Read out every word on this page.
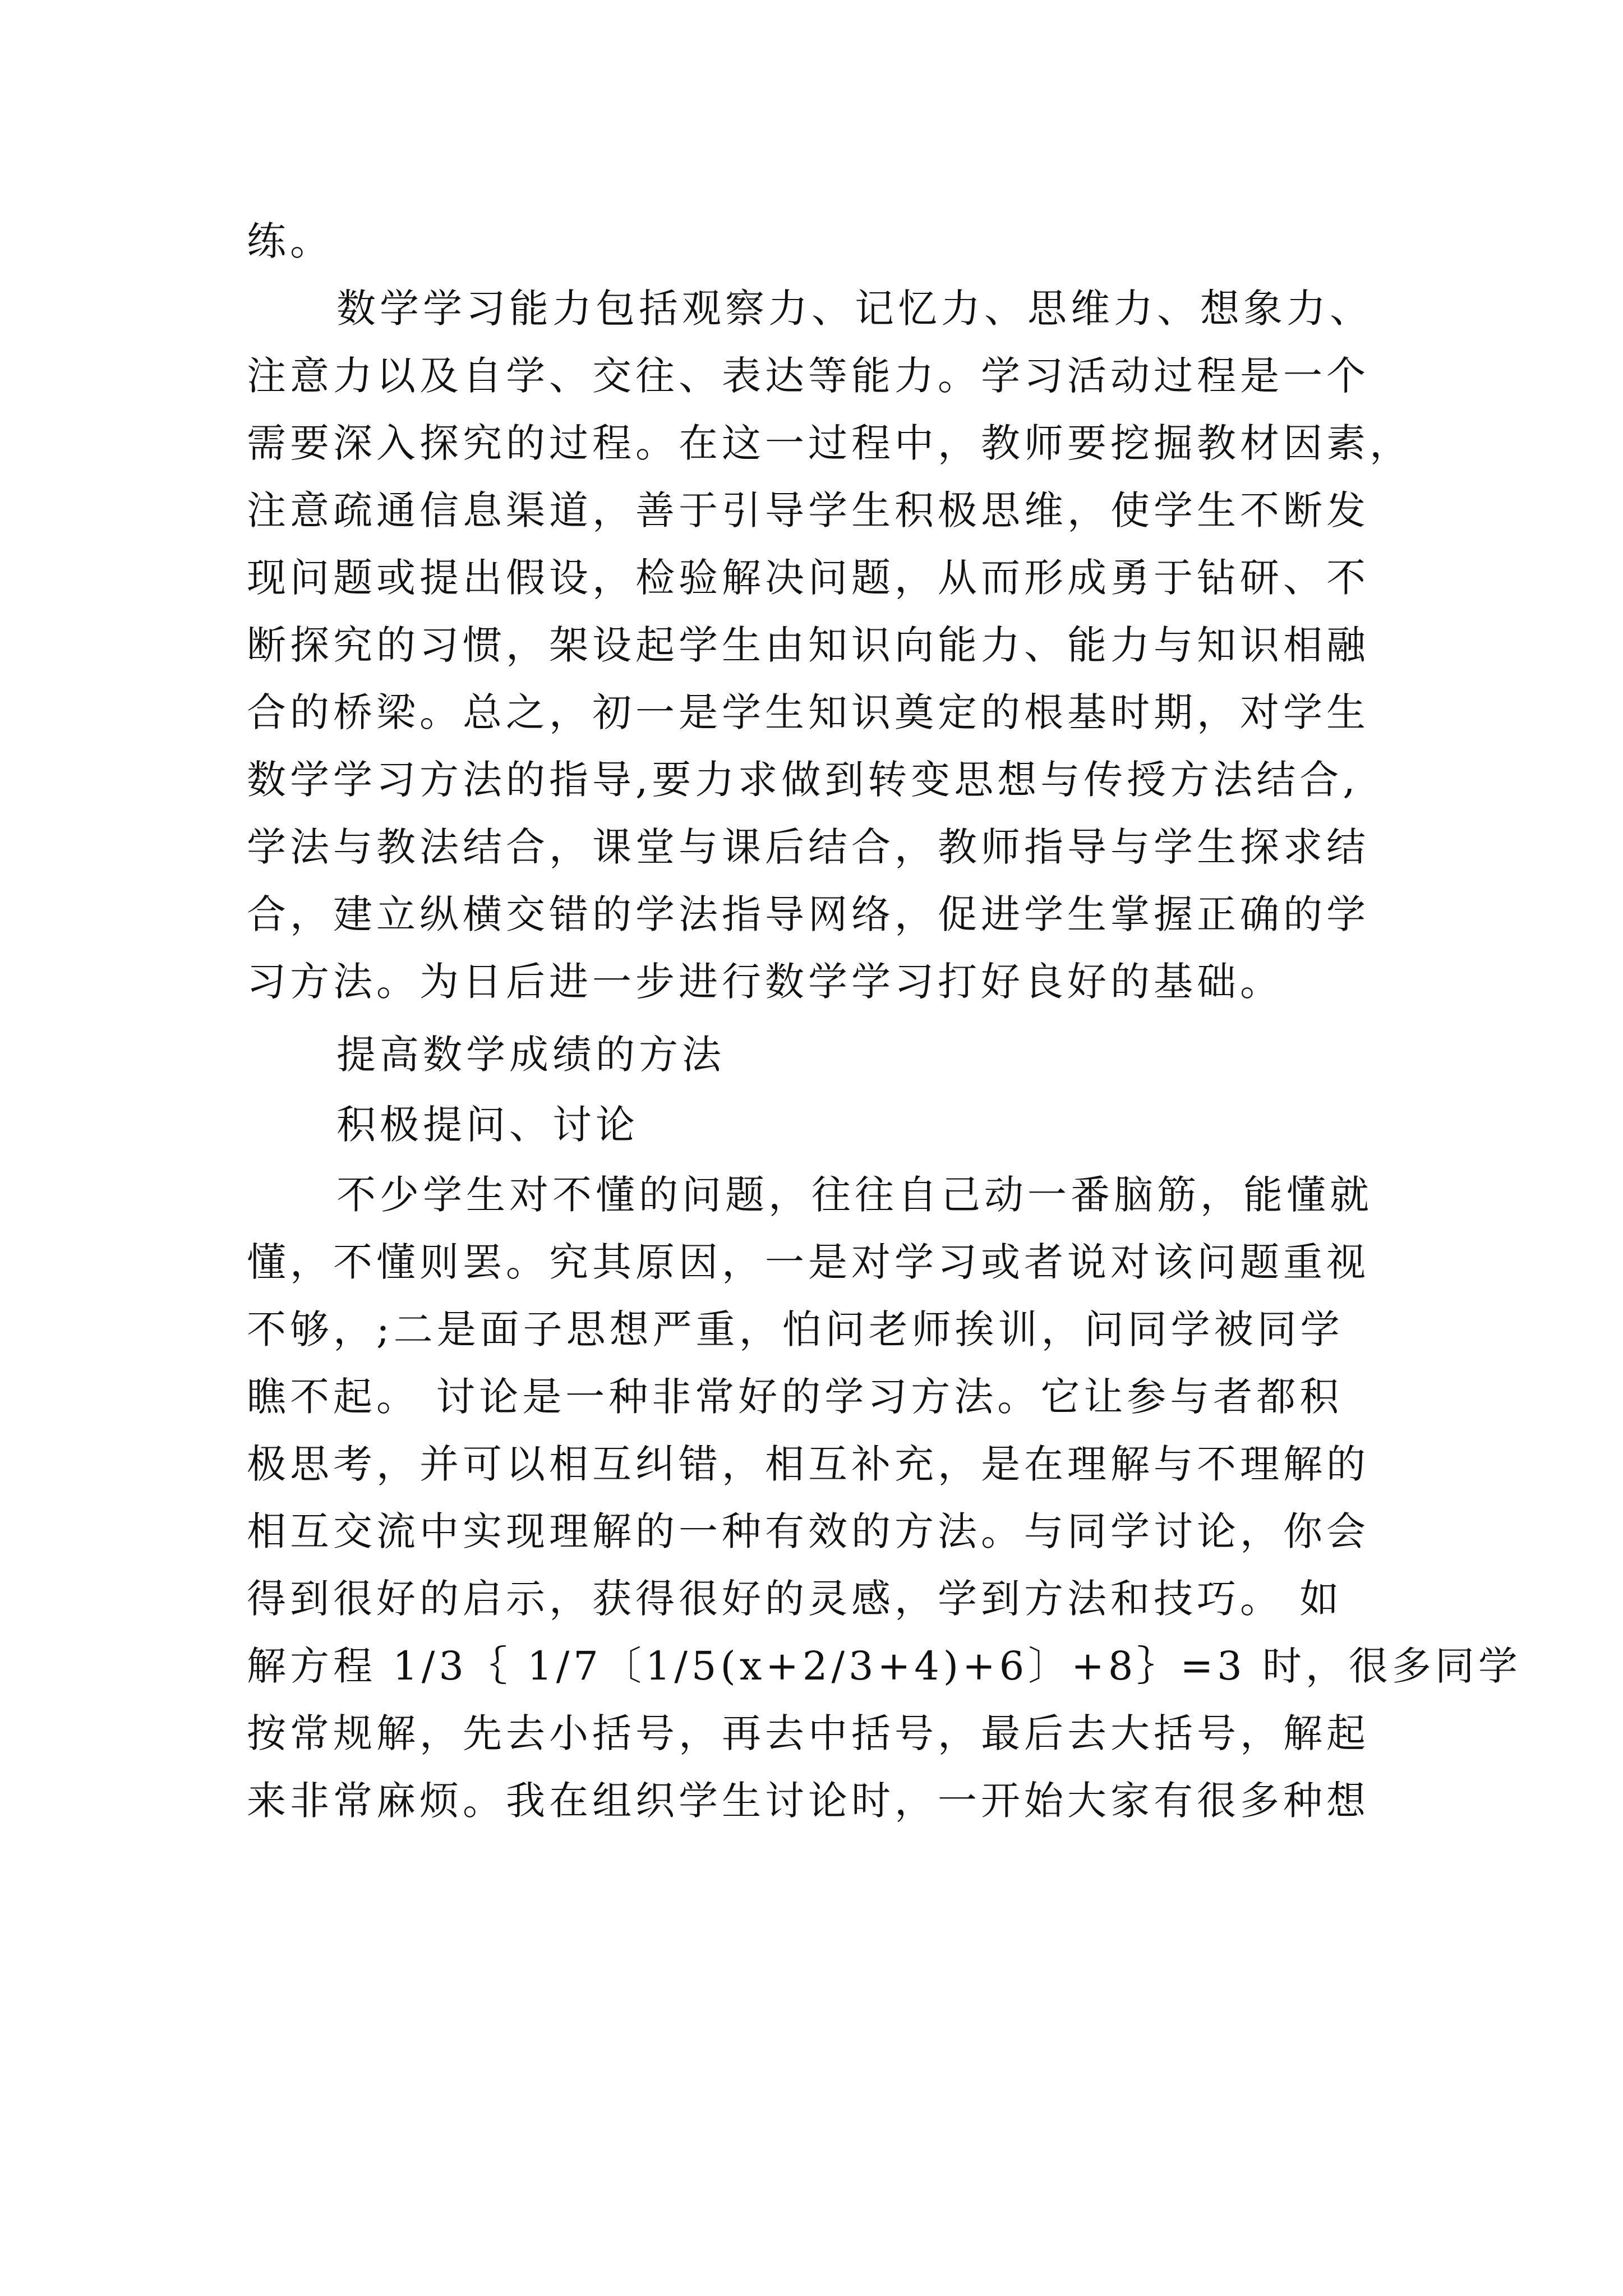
练。
数学学习能力包括观察力、记忆力、思维力、想象力、
注意力以及自学、交往、表达等能力。学习活动过程是一个
需要深入探究的过程。在这一过程中，教师要挖掘教材因素，
注意疏通信息渠道，善于引导学生积极思维，使学生不断发
现问题或提出假设，检验解决问题，从而形成勇于钻研、不
断探究的习惯，架设起学生由知识向能力、能力与知识相融
合的桥梁。总之，初一是学生知识奠定的根基时期，对学生
数学学习方法的指导,要力求做到转变思想与传授方法结合,
学法与教法结合，课堂与课后结合，教师指导与学生探求结
合，建立纵横交错的学法指导网络，促进学生掌握正确的学
习方法。为日后进一步进行数学学习打好良好的基础。
提高数学成绩的方法
积极提问、讨论
不少学生对不懂的问题，往往自己动一番脑筋，能懂就
懂，不懂则罢。究其原因，一是对学习或者说对该问题重视
不够，;二是面子思想严重，怕问老师挨训，问同学被同学
瞧不起。 讨论是一种非常好的学习方法。它让参与者都积
极思考，并可以相互纠错，相互补充，是在理解与不理解的
相互交流中实现理解的一种有效的方法。与同学讨论，你会
得到很好的启示，获得很好的灵感，学到方法和技巧。 如
解方程 1/3｛ 1/7〔1/5(x+2/3+4)+6〕+8｝=3 时，很多同学
按常规解，先去小括号，再去中括号，最后去大括号，解起
来非常麻烦。我在组织学生讨论时，一开始大家有很多种想
